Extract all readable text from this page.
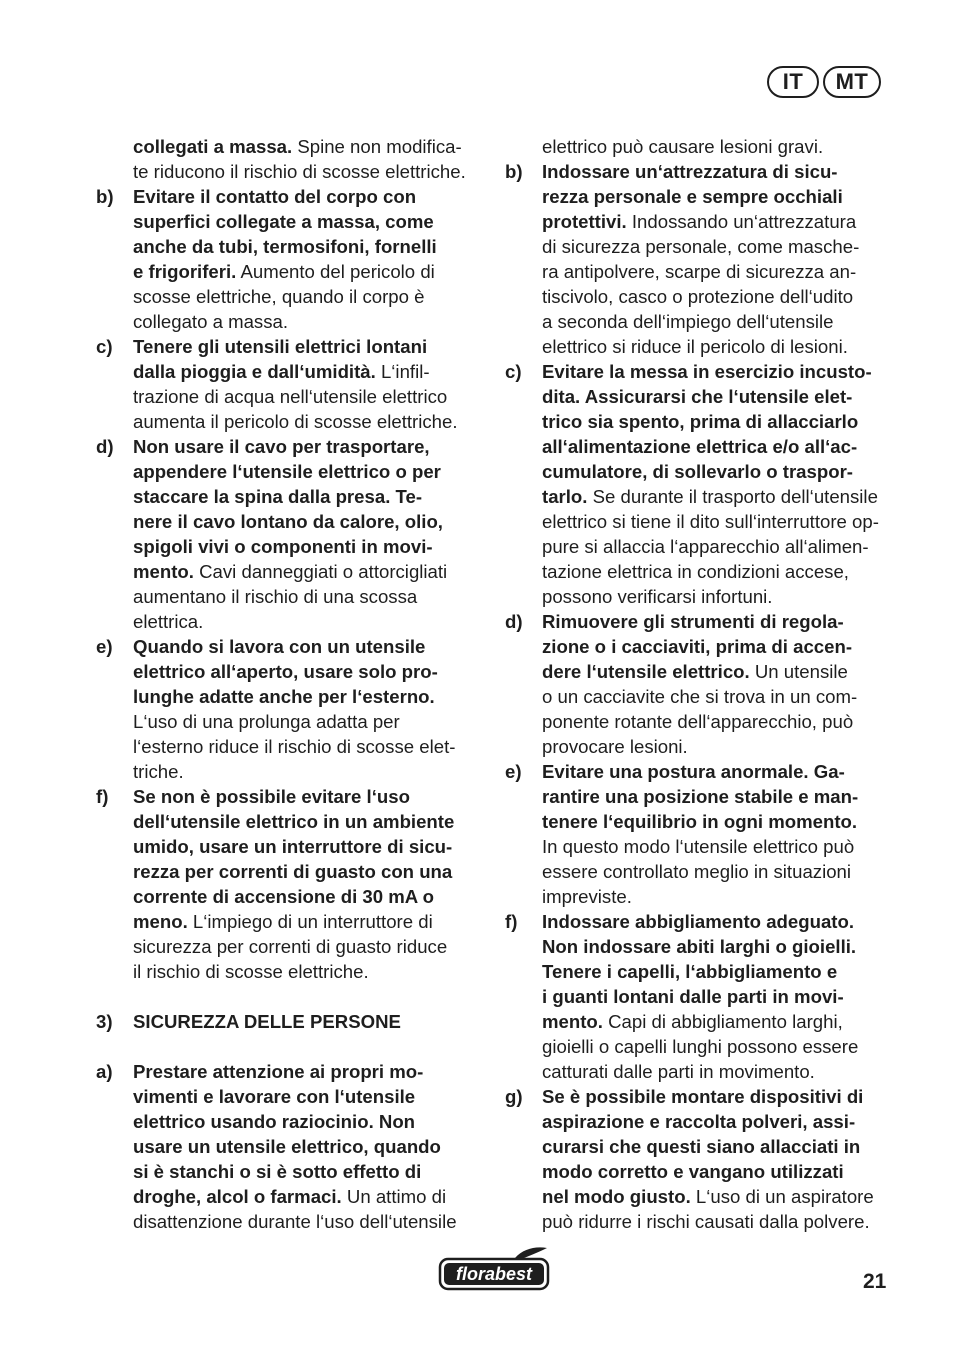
IT	MT
collegati a massa. Spine non modifica-
te riducono il rischio di scosse elettriche.
b)	Evitare il contatto del corpo con
superfici collegate a massa, come
anche da tubi, termosifoni, fornelli
e frigoriferi. Aumento del pericolo di
scosse elettriche, quando il corpo è
collegato a massa.
c)	Tenere gli utensili elettrici lontani
dalla pioggia e dall‘umidità. L‘infil-
trazione di acqua nell‘utensile elettrico
aumenta il pericolo di scosse elettriche.
d)	Non usare il cavo per trasportare,
appendere l‘utensile elettrico o per
staccare la spina dalla presa. Te-
nere il cavo lontano da calore, olio,
spigoli vivi o componenti in movi-
mento. Cavi danneggiati o attorcigliati
aumentano il rischio di una scossa
elettrica.
e)	Quando si lavora con un utensile
elettrico all‘aperto, usare solo pro-
lunghe adatte anche per l‘esterno.
L‘uso di una prolunga adatta per
l‘esterno riduce il rischio di scosse elet-
triche.
f)	Se non è possibile evitare l‘uso
dell‘utensile elettrico in un ambiente
umido, usare un interruttore di sicu-
rezza per correnti di guasto con una
corrente di accensione di 30 mA o
meno. L‘impiego di un interruttore di
sicurezza per correnti di guasto riduce
il rischio di scosse elettriche.
3)	SICUREZZA DELLE PERSONE
a)	Prestare attenzione ai propri mo-
vimenti e lavorare con l‘utensile
elettrico usando raziocinio. Non
usare un utensile elettrico, quando
si è stanchi o si è sotto effetto di
droghe, alcol o farmaci. Un attimo di
disattenzione durante l‘uso dell‘utensile
elettrico può causare lesioni gravi.
b)	Indossare un‘attrezzatura di sicu-
rezza personale e sempre occhiali
protettivi. Indossando un‘attrezzatura
di sicurezza personale, come masche-
ra antipolvere, scarpe di sicurezza an-
tiscivolo, casco o protezione dell‘udito
a seconda dell‘impiego dell‘utensile
elettrico si riduce il pericolo di lesioni.
c)	Evitare la messa in esercizio incusto-
dita. Assicurarsi che l‘utensile elet-
trico sia spento, prima di allacciarlo
all‘alimentazione elettrica e/o all‘ac-
cumulatore, di sollevarlo o traspor-
tarlo. Se durante il trasporto dell‘utensile
elettrico si tiene il dito sull‘interruttore op-
pure si allaccia l‘apparecchio all‘alimen-
tazione elettrica in condizioni accese,
possono verificarsi infortuni.
d)	Rimuovere gli strumenti di regola-
zione o i cacciaviti, prima di accen-
dere l‘utensile elettrico. Un utensile
o un cacciavite che si trova in un com-
ponente rotante dell‘apparecchio, può
provocare lesioni.
e)	Evitare una postura anormale. Ga-
rantire una posizione stabile e man-
tenere l‘equilibrio in ogni momento.
In questo modo l‘utensile elettrico può
essere controllato meglio in situazioni
impreviste.
f)	Indossare abbigliamento adeguato.
Non indossare abiti larghi o gioielli.
Tenere i capelli, l‘abbigliamento e
i guanti lontani dalle parti in movi-
mento. Capi di abbigliamento larghi,
gioielli o capelli lunghi possono essere
catturati dalle parti in movimento.
g)	Se è possibile montare dispositivi di
aspirazione e raccolta polveri, assi-
curarsi che questi siano allacciati in
modo corretto e vangano utilizzati
nel modo giusto. L‘uso di un aspiratore
può ridurre i rischi causati dalla polvere.
florabest	21
